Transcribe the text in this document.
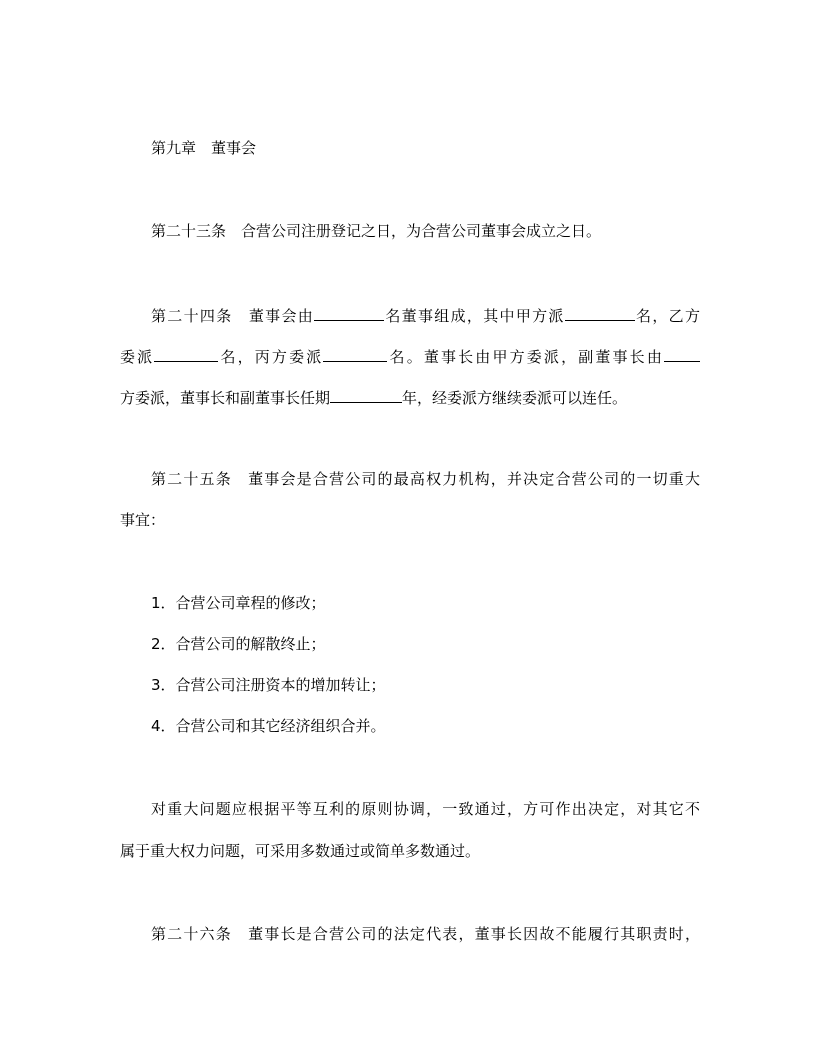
第九章　董事会
第二十三条　合营公司注册登记之日，为合营公司董事会成立之日。
第二十四条　董事会由	名董事组成，其中甲方派	名，乙方
委派	名，丙方委派	名。董事长由甲方委派，副董事长由
方委派，董事长和副董事长任期	年，经委派方继续委派可以连任。
第二十五条　董事会是合营公司的最高权力机构，并决定合营公司的一切重大
事宜：
1．合营公司章程的修改；
2．合营公司的解散终止；
3．合营公司注册资本的增加转让；
4．合营公司和其它经济组织合并。
对重大问题应根据平等互利的原则协调，一致通过，方可作出决定，对其它不
属于重大权力问题，可采用多数通过或简单多数通过。
第二十六条　董事长是合营公司的法定代表，董事长因故不能履行其职责时，
